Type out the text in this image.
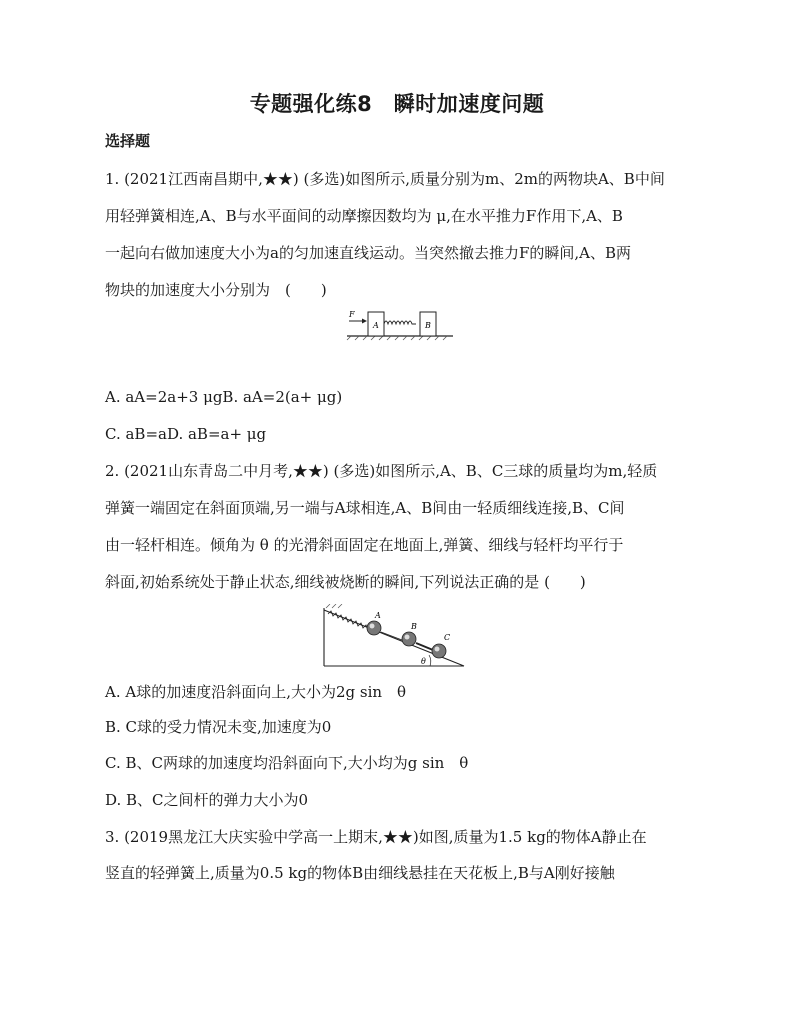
专题强化练8　瞬时加速度问题
选择题
1. (2021江西南昌期中,★★) (多选)如图所示,质量分别为m、2m的两物块A、B中间
用轻弹簧相连,A、B与水平面间的动摩擦因数均为 μ,在水平推力F作用下,A、B
一起向右做加速度大小为a的匀加速直线运动。当突然撤去推力F的瞬间,A、B两
物块的加速度大小分别为　(　　)
F
A	B
A. aA=2a+3 μgB. aA=2(a+ μg)
C. aB=aD. aB=a+ μg
2. (2021山东青岛二中月考,★★) (多选)如图所示,A、B、C三球的质量均为m,轻质
弹簧一端固定在斜面顶端,另一端与A球相连,A、B间由一轻质细线连接,B、C间
由一轻杆相连。倾角为 θ 的光滑斜面固定在地面上,弹簧、细线与轻杆均平行于
斜面,初始系统处于静止状态,细线被烧断的瞬间,下列说法正确的是 (　　)
A
B
C
θ
A. A球的加速度沿斜面向上,大小为2g sin　θ
B. C球的受力情况未变,加速度为0
C. B、C两球的加速度均沿斜面向下,大小均为g sin　θ
D. B、C之间杆的弹力大小为0
3. (2019黑龙江大庆实验中学高一上期末,★★)如图,质量为1.5 kg的物体A静止在
竖直的轻弹簧上,质量为0.5 kg的物体B由细线悬挂在天花板上,B与A刚好接触
